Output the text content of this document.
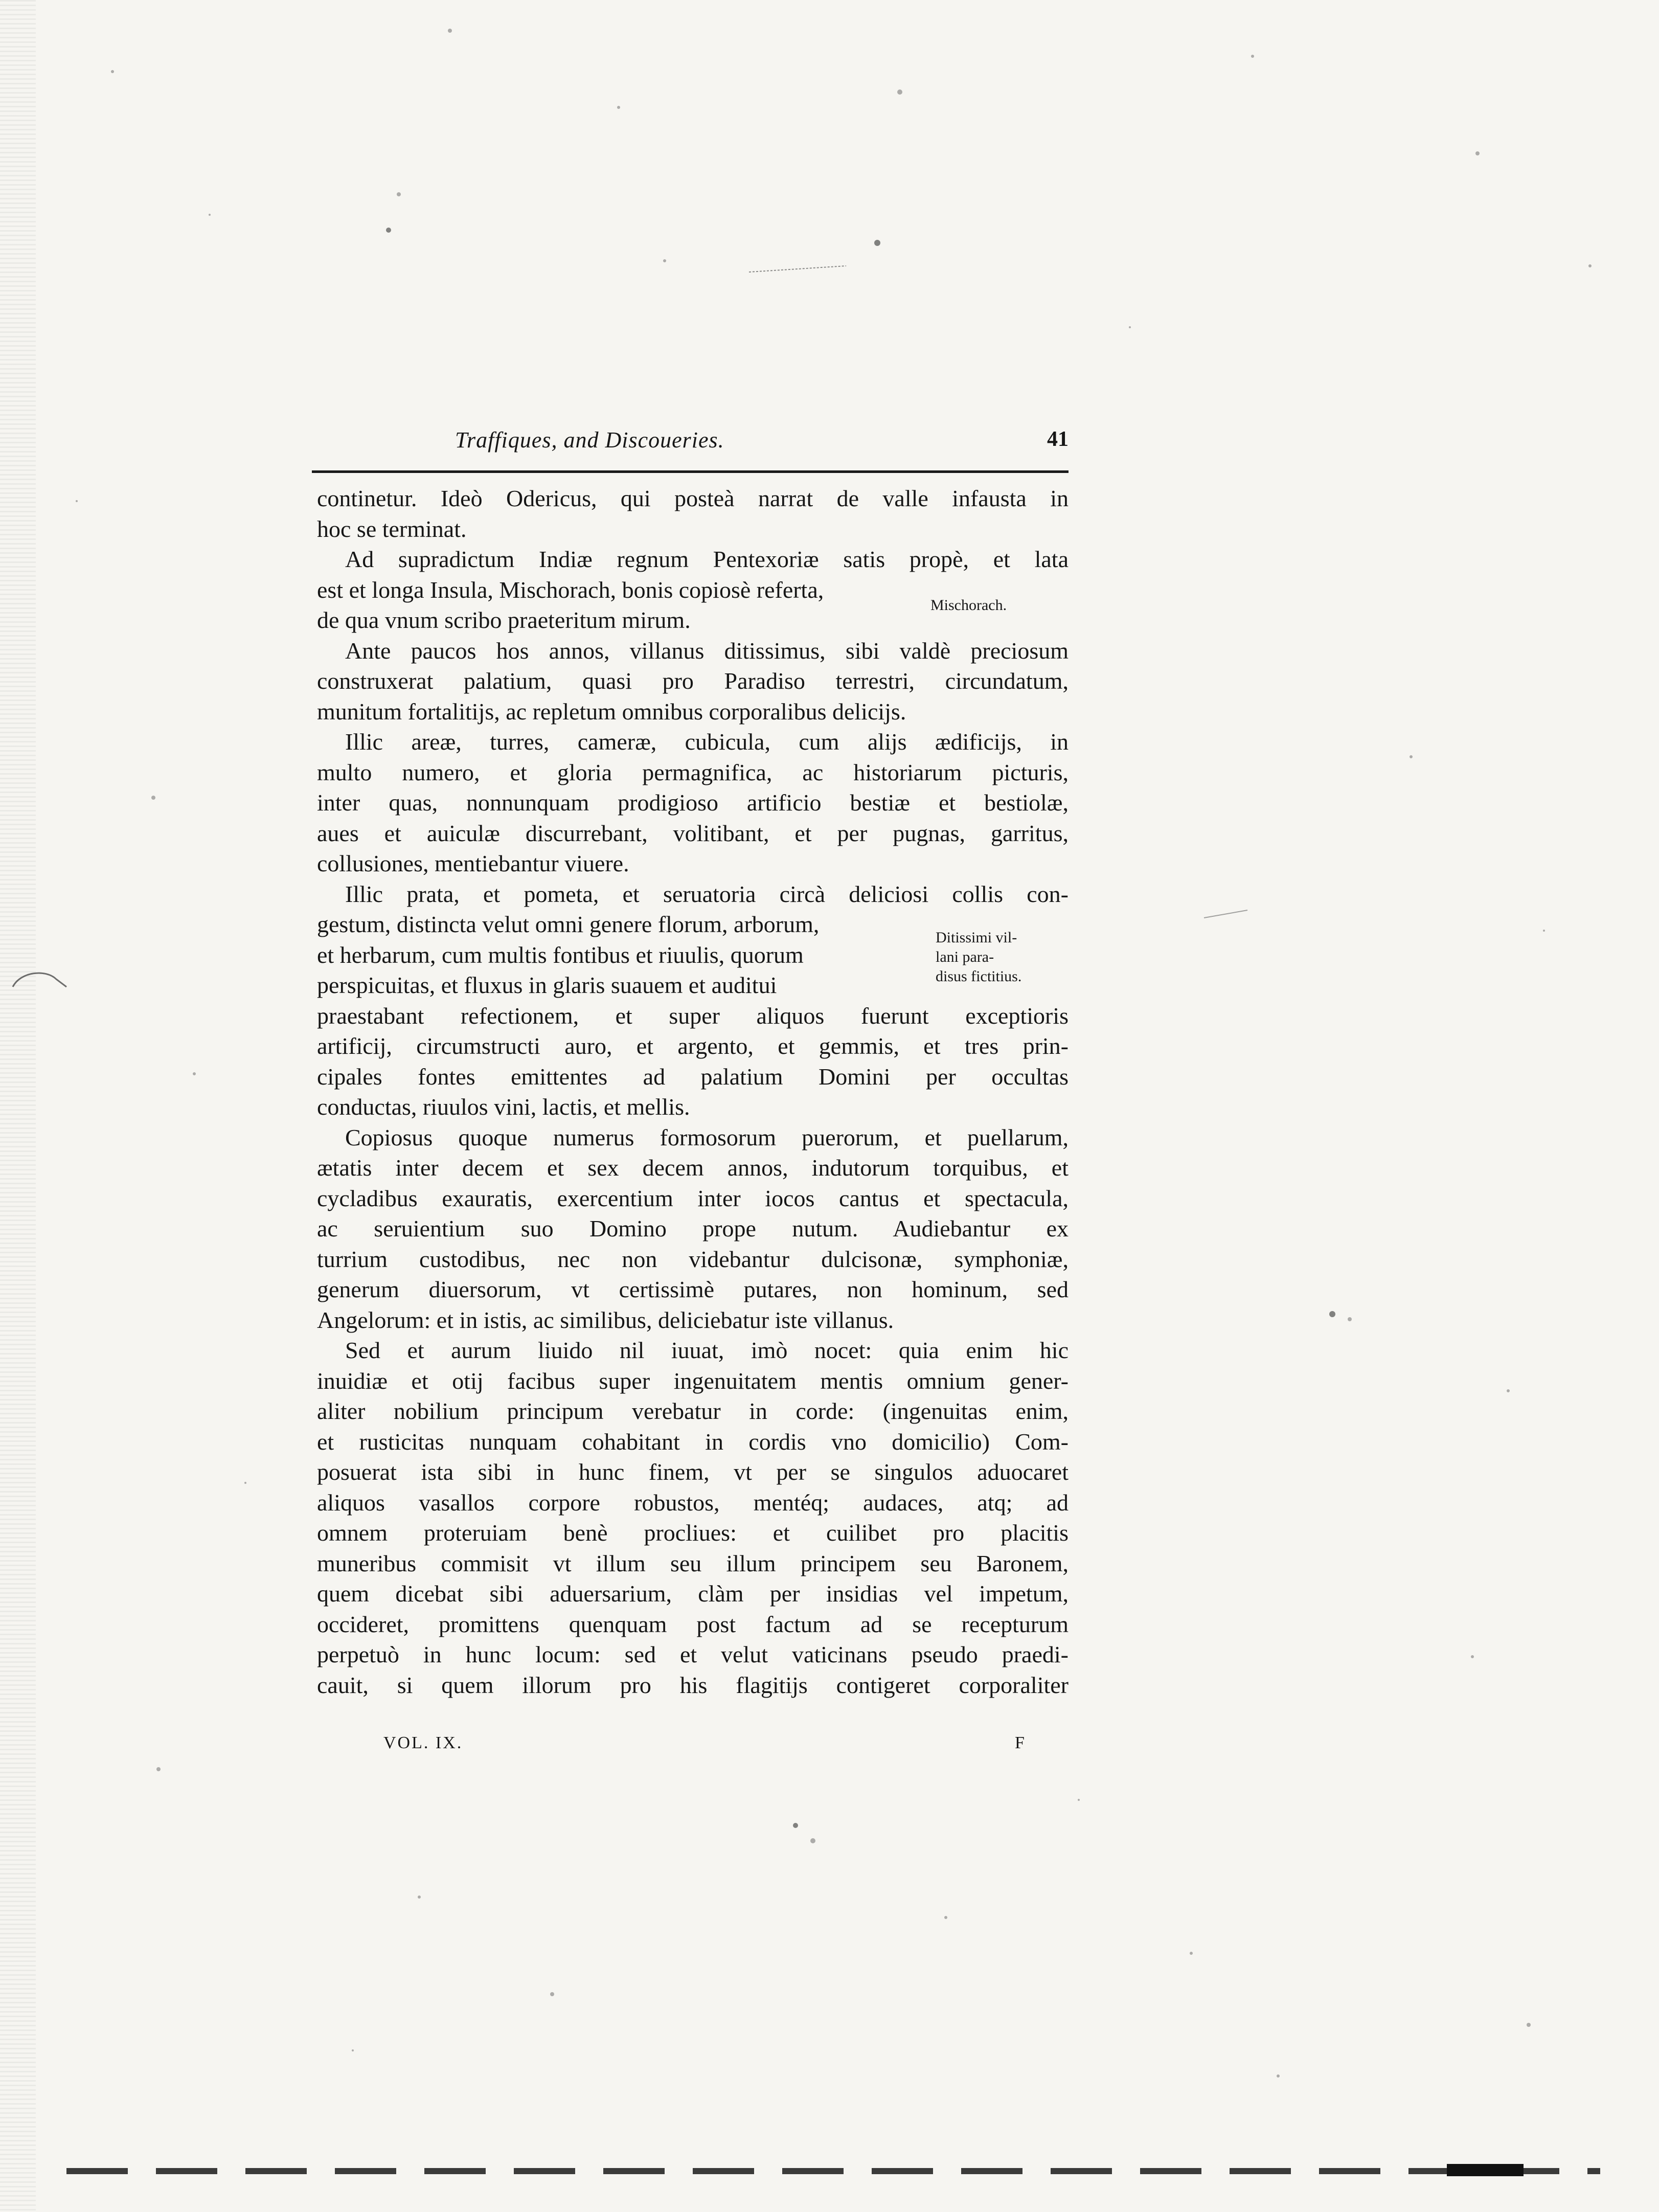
Traffiques, and Discoueries.	41
continetur. Ideò Odericus, qui posteà narrat de valle infausta in
hoc se terminat.
Ad supradictum Indiæ regnum Pentexoriæ satis propè, et lata
est et longa Insula, Mischorach, bonis copiosè referta,
de qua vnum scribo praeteritum mirum.
Ante paucos hos annos, villanus ditissimus, sibi valdè preciosum
construxerat palatium, quasi pro Paradiso terrestri, circundatum,
munitum fortalitijs, ac repletum omnibus corporalibus delicijs.
Illic areæ, turres, cameræ, cubicula, cum alijs ædificijs, in
multo numero, et gloria permagnifica, ac historiarum picturis,
inter quas, nonnunquam prodigioso artificio bestiæ et bestiolæ,
aues et auiculæ discurrebant, volitibant, et per pugnas, garritus,
collusiones, mentiebantur viuere.
Illic prata, et pometa, et seruatoria circà deliciosi collis con-
gestum, distincta velut omni genere florum, arborum,
et herbarum, cum multis fontibus et riuulis, quorum
perspicuitas, et fluxus in glaris suauem et auditui
praestabant refectionem, et super aliquos fuerunt exceptioris
artificij, circumstructi auro, et argento, et gemmis, et tres prin-
cipales fontes emittentes ad palatium Domini per occultas
conductas, riuulos vini, lactis, et mellis.
Copiosus quoque numerus formosorum puerorum, et puellarum,
ætatis inter decem et sex decem annos, indutorum torquibus, et
cycladibus exauratis, exercentium inter iocos cantus et spectacula,
ac seruientium suo Domino prope nutum. Audiebantur ex
turrium custodibus, nec non videbantur dulcisonæ, symphoniæ,
generum diuersorum, vt certissimè putares, non hominum, sed
Angelorum: et in istis, ac similibus, deliciebatur iste villanus.
Sed et aurum liuido nil iuuat, imò nocet: quia enim hic
inuidiæ et otij facibus super ingenuitatem mentis omnium gener-
aliter nobilium principum verebatur in corde: (ingenuitas enim,
et rusticitas nunquam cohabitant in cordis vno domicilio) Com-
posuerat ista sibi in hunc finem, vt per se singulos aduocaret
aliquos vasallos corpore robustos, mentéq; audaces, atq; ad
omnem proteruiam benè procliues: et cuilibet pro placitis
muneribus commisit vt illum seu illum principem seu Baronem,
quem dicebat sibi aduersarium, clàm per insidias vel impetum,
occideret, promittens quenquam post factum ad se recepturum
perpetuò in hunc locum: sed et velut vaticinans pseudo praedi-
cauit, si quem illorum pro his flagitijs contigeret corporaliter
Mischorach.
Ditissimi vil-
lani para-
disus fictitius.
VOL. IX.	F
